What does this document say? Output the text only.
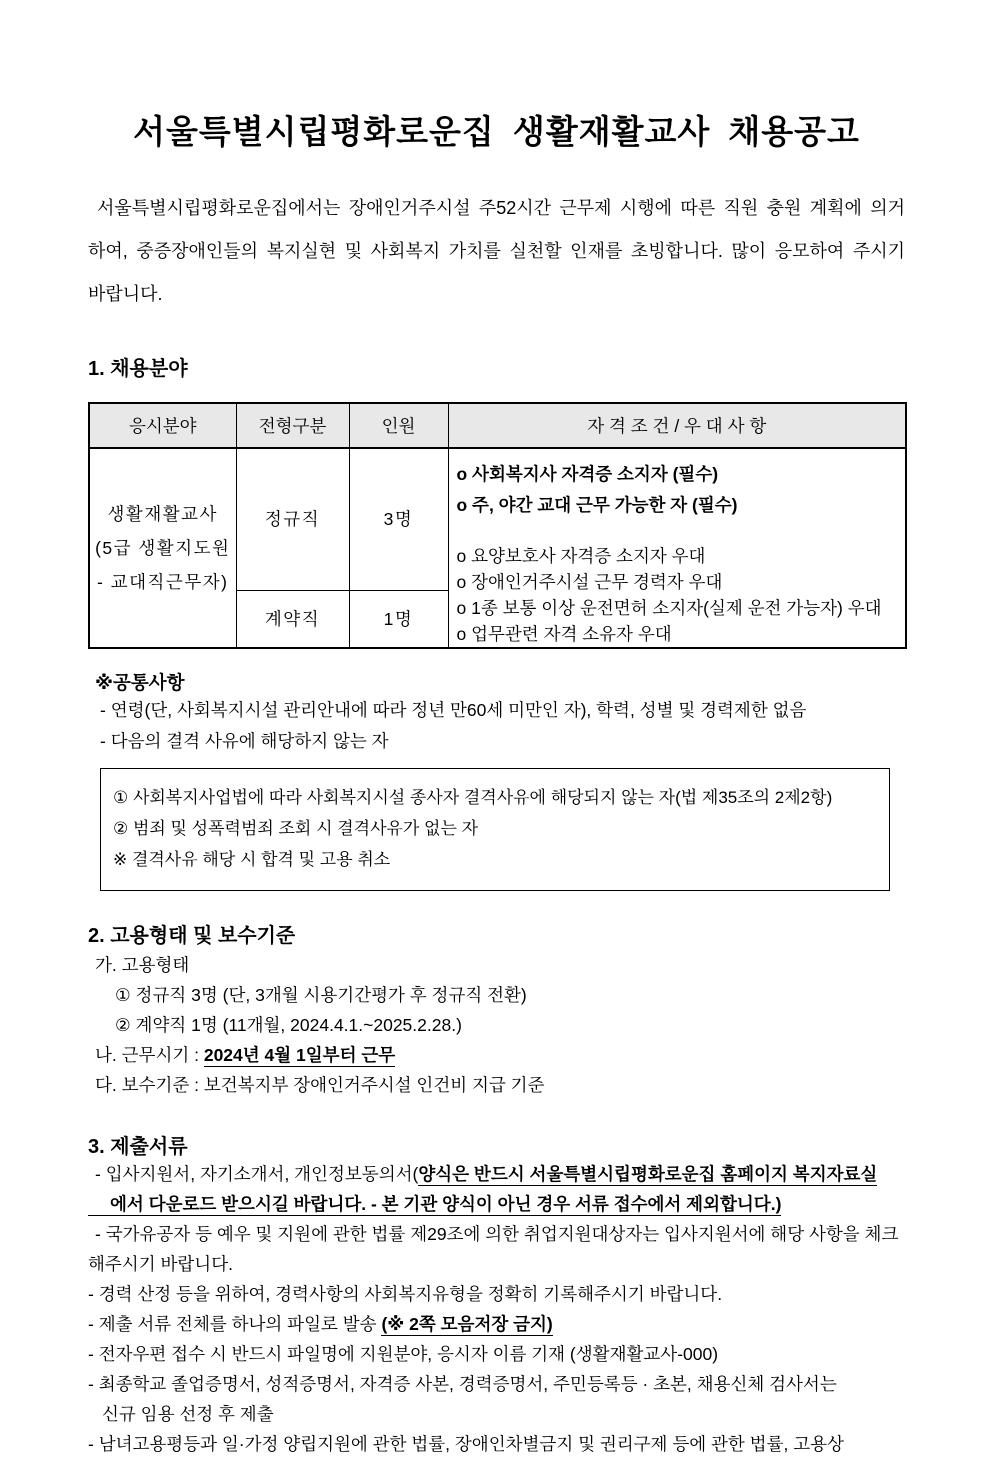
서울특별시립평화로운집 생활재활교사 채용공고

서울특별시립평화로운집에서는 장애인거주시설 주52시간 근무제 시행에 따른 직원 충원 계획에 의거하여, 중증장애인들의 복지실현 및 사회복지 가치를 실천할 인재를 초빙합니다. 많이 응모하여 주시기 바랍니다.

1. 채용분야
응시분야	전형구분	인원	자 격 조 건 / 우 대 사 항
생활재활교사
(5급 생활지도원
- 교대직근무자)	정규직	3명	
o 사회복지사 자격증 소지자 (필수)
o 주, 야간 교대 근무 가능한 자 (필수)
o 요양보호사 자격증 소지자 우대
o 장애인거주시설 근무 경력자 우대
o 1종 보통 이상 운전면허 소지자(실제 운전 가능자) 우대
o 업무관련 자격 소유자 우대

	계약직	1명	
※공통사항

- 연령(단, 사회복지시설 관리안내에 따라 정년 만60세 미만인 자), 학력, 성별 및 경력제한 없음

- 다음의 결격 사유에 해당하지 않는 자

① 사회복지사업법에 따라 사회복지시설 종사자 결격사유에 해당되지 않는 자(법 제35조의 2제2항)

② 범죄 및 성폭력범죄 조회 시 결격사유가 없는 자

※ 결격사유 해당 시 합격 및 고용 취소

2. 고용형태 및 보수기준

가. 고용형태

① 정규직 3명 (단, 3개월 시용기간평가 후 정규직 전환)

② 계약직 1명 (11개월, 2024.4.1.~2025.2.28.)

나. 근무시기 : 2024년 4월 1일부터 근무

다. 보수기준 : 보건복지부 장애인거주시설 인건비 지급 기준

3. 제출서류

- 입사지원서, 자기소개서, 개인정보동의서(양식은 반드시 서울특별시립평화로운집 홈페이지 복지자료실
에서 다운로드 받으시길 바랍니다. - 본 기관 양식이 아닌 경우 서류 접수에서 제외합니다.)

- 국가유공자 등 예우 및 지원에 관한 법률 제29조에 의한 취업지원대상자는 입사지원서에 해당 사항을 체크해주시기 바랍니다.

- 경력 산정 등을 위하여, 경력사항의 사회복지유형을 정확히 기록해주시기 바랍니다.

- 제출 서류 전체를 하나의 파일로 발송 (※ 2쪽 모음저장 금지)

- 전자우편 접수 시 반드시 파일명에 지원분야, 응시자 이름 기재 (생활재활교사-000)

- 최종학교 졸업증명서, 성적증명서, 자격증 사본, 경력증명서, 주민등록등 · 초본, 채용신체 검사서는
신규 임용 선정 후 제출

- 남녀고용평등과 일·가정 양립지원에 관한 법률, 장애인차별금지 및 권리구제 등에 관한 법률, 고용상
